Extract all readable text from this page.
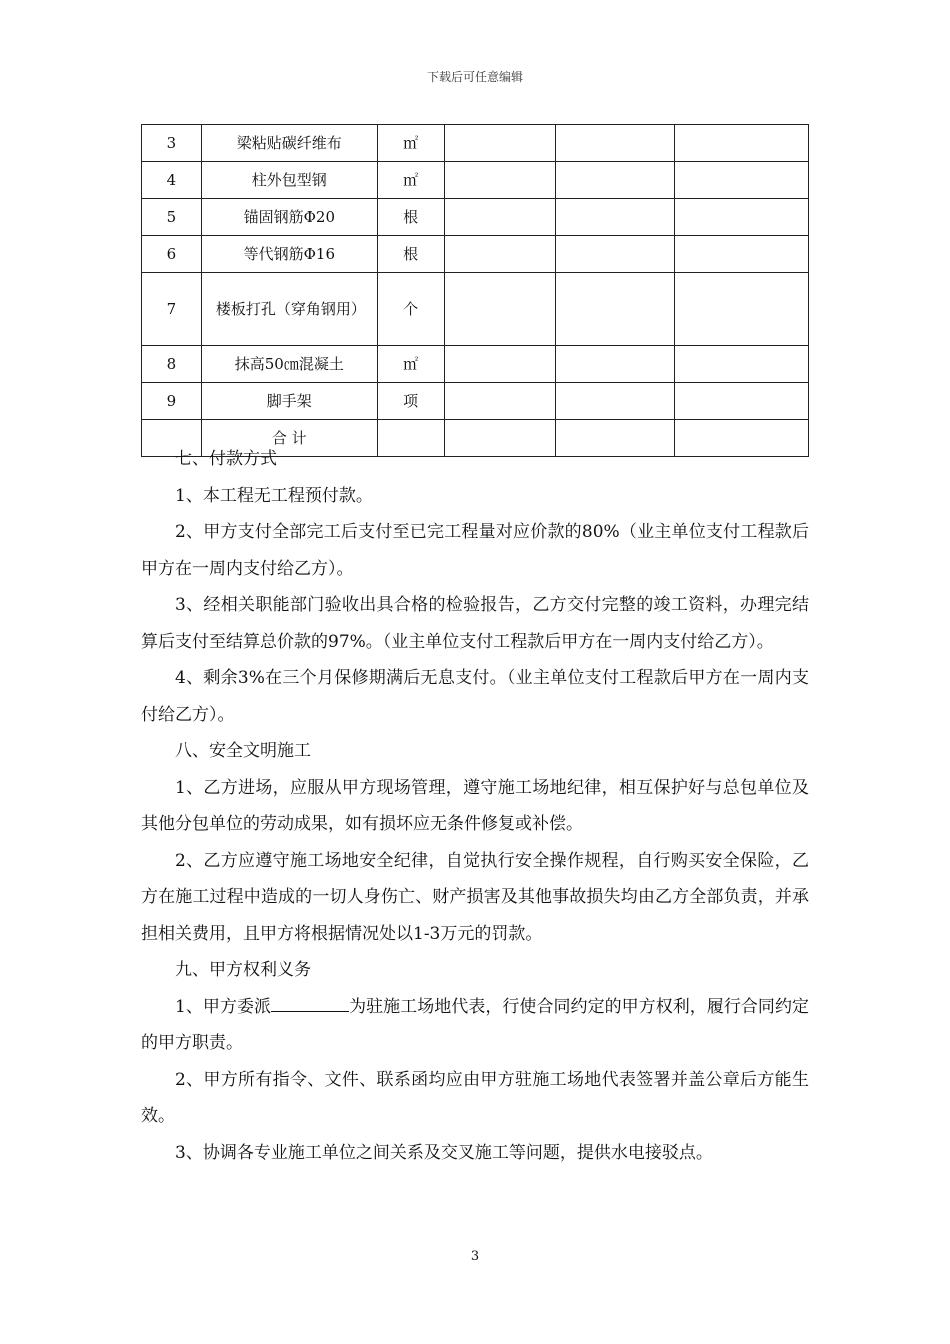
下载后可任意编辑
3	梁粘贴碳纤维布	㎡			
4	柱外包型钢	㎡			
5	锚固钢筋Φ20	根			
6	等代钢筋Φ16	根			
7	楼板打孔（穿角钢用）	个			
8	抹高50㎝混凝土	㎡			
9	脚手架	项			
	合 计				

七、付款方式

1、本工程无工程预付款。

2、甲方支付全部完工后支付至已完工程量对应价款的80%（业主单位支付工程款后甲方在一周内支付给乙方）。

3、经相关职能部门验收出具合格的检验报告，乙方交付完整的竣工资料，办理完结算后支付至结算总价款的97%。（业主单位支付工程款后甲方在一周内支付给乙方）。

4、剩余3%在三个月保修期满后无息支付。（业主单位支付工程款后甲方在一周内支付给乙方）。

八、安全文明施工

1、乙方进场，应服从甲方现场管理，遵守施工场地纪律，相互保护好与总包单位及其他分包单位的劳动成果，如有损坏应无条件修复或补偿。

2、乙方应遵守施工场地安全纪律，自觉执行安全操作规程，自行购买安全保险，乙方在施工过程中造成的一切人身伤亡、财产损害及其他事故损失均由乙方全部负责，并承担相关费用，且甲方将根据情况处以1-3万元的罚款。

九、甲方权利义务

1、甲方委派	为驻施工场地代表，行使合同约定的甲方权利，履行合同约定的甲方职责。

2、甲方所有指令、文件、联系函均应由甲方驻施工场地代表签署并盖公章后方能生效。

3、协调各专业施工单位之间关系及交叉施工等问题，提供水电接驳点。

3
